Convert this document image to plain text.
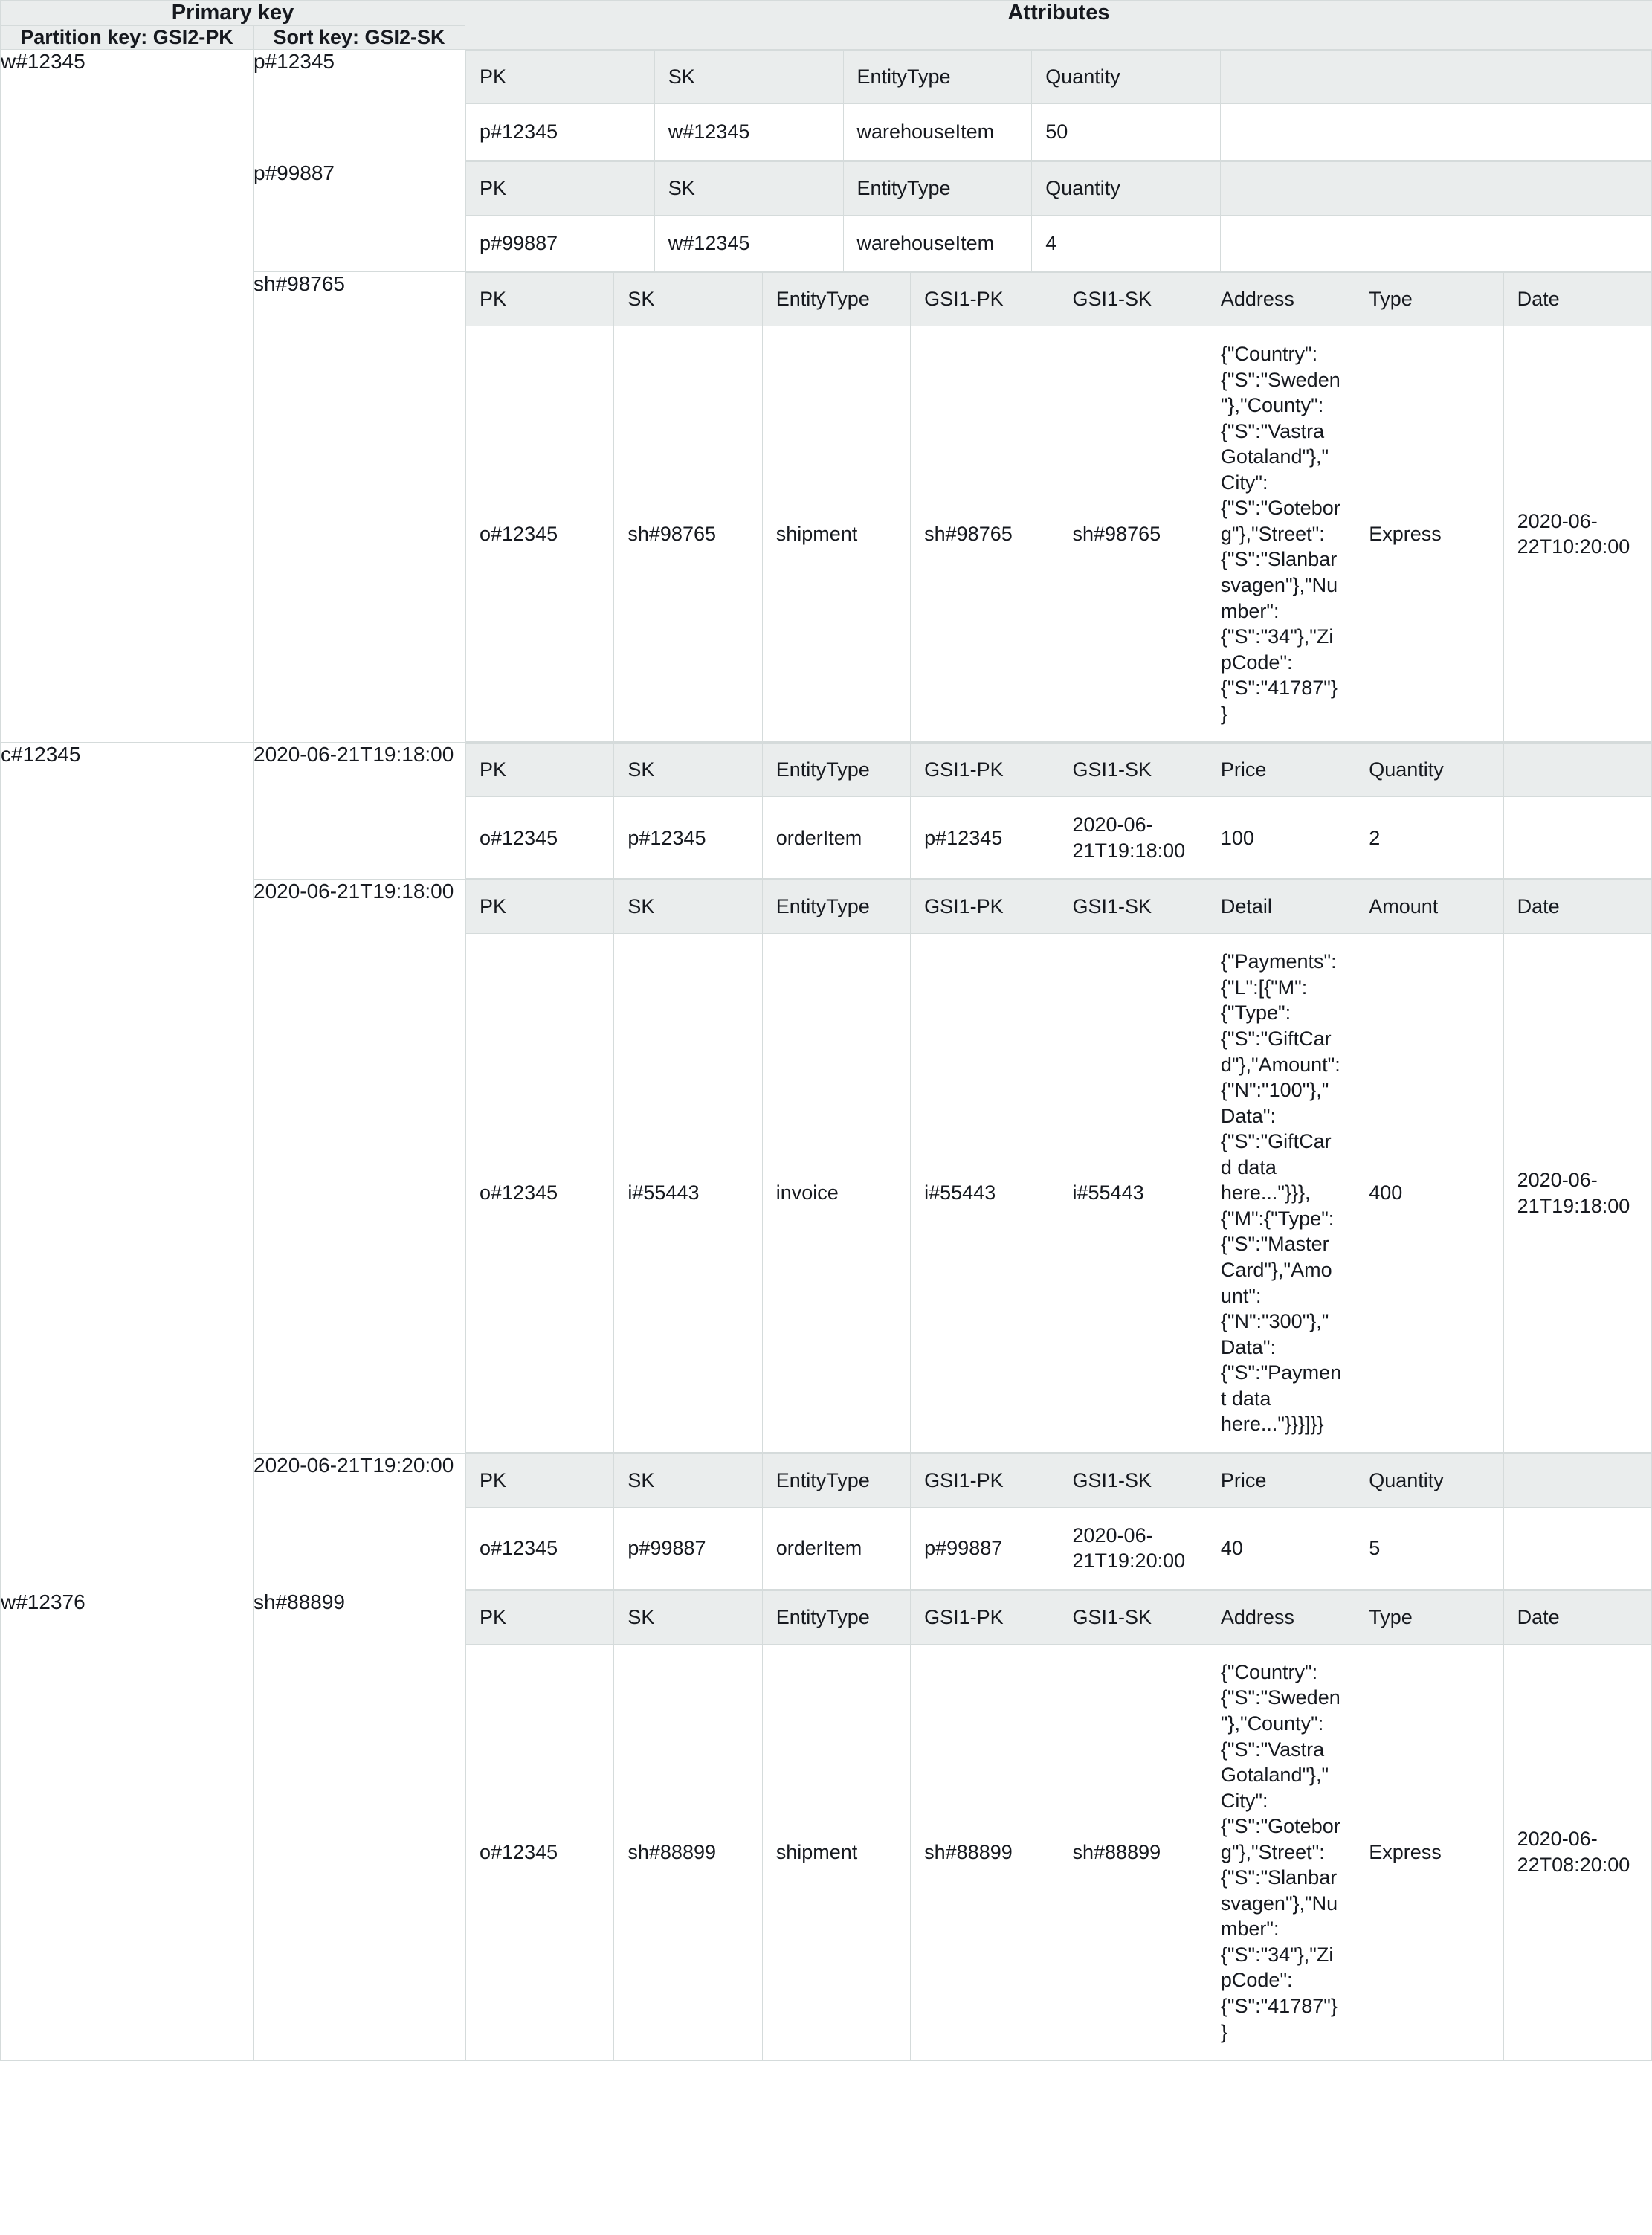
Primary key	Attributes
Partition key: GSI2-PK	Sort key: GSI2-SK
w#12345	p#12345	
PK	SK	EntityType	Quantity	
p#12345	w#12345	warehouseItem	50	

p#99887	
PK	SK	EntityType	Quantity	
p#99887	w#12345	warehouseItem	4	

sh#98765	
PK	SK	EntityType	GSI1-PK	GSI1-SK	Address	Type	Date
o#12345	sh#98765	shipment	sh#98765	sh#98765	{"Country":{"S":"Sweden"},"County":{"S":"Vastra Gotaland"},"City":{"S":"Goteborg"},"Street":{"S":"Slanbarsvagen"},"Number":{"S":"34"},"ZipCode":{"S":"41787"}}	Express	2020-06-22T10:20:00

c#12345	2020-06-21T19:18:00	
PK	SK	EntityType	GSI1-PK	GSI1-SK	Price	Quantity	
o#12345	p#12345	orderItem	p#12345	2020-06-21T19:18:00	100	2	

2020-06-21T19:18:00	
PK	SK	EntityType	GSI1-PK	GSI1-SK	Detail	Amount	Date
o#12345	i#55443	invoice	i#55443	i#55443	{"Payments":{"L":[{"M":{"Type":{"S":"GiftCard"},"Amount":{"N":"100"},"Data":{"S":"GiftCard data here..."}}},{"M":{"Type":{"S":"MasterCard"},"Amount":{"N":"300"},"Data":{"S":"Payment data here..."}}}]}}	400	2020-06-21T19:18:00

2020-06-21T19:20:00	
PK	SK	EntityType	GSI1-PK	GSI1-SK	Price	Quantity	
o#12345	p#99887	orderItem	p#99887	2020-06-21T19:20:00	40	5	

w#12376	sh#88899	
PK	SK	EntityType	GSI1-PK	GSI1-SK	Address	Type	Date
o#12345	sh#88899	shipment	sh#88899	sh#88899	{"Country":{"S":"Sweden"},"County":{"S":"Vastra Gotaland"},"City":{"S":"Goteborg"},"Street":{"S":"Slanbarsvagen"},"Number":{"S":"34"},"ZipCode":{"S":"41787"}}	Express	2020-06-22T08:20:00
